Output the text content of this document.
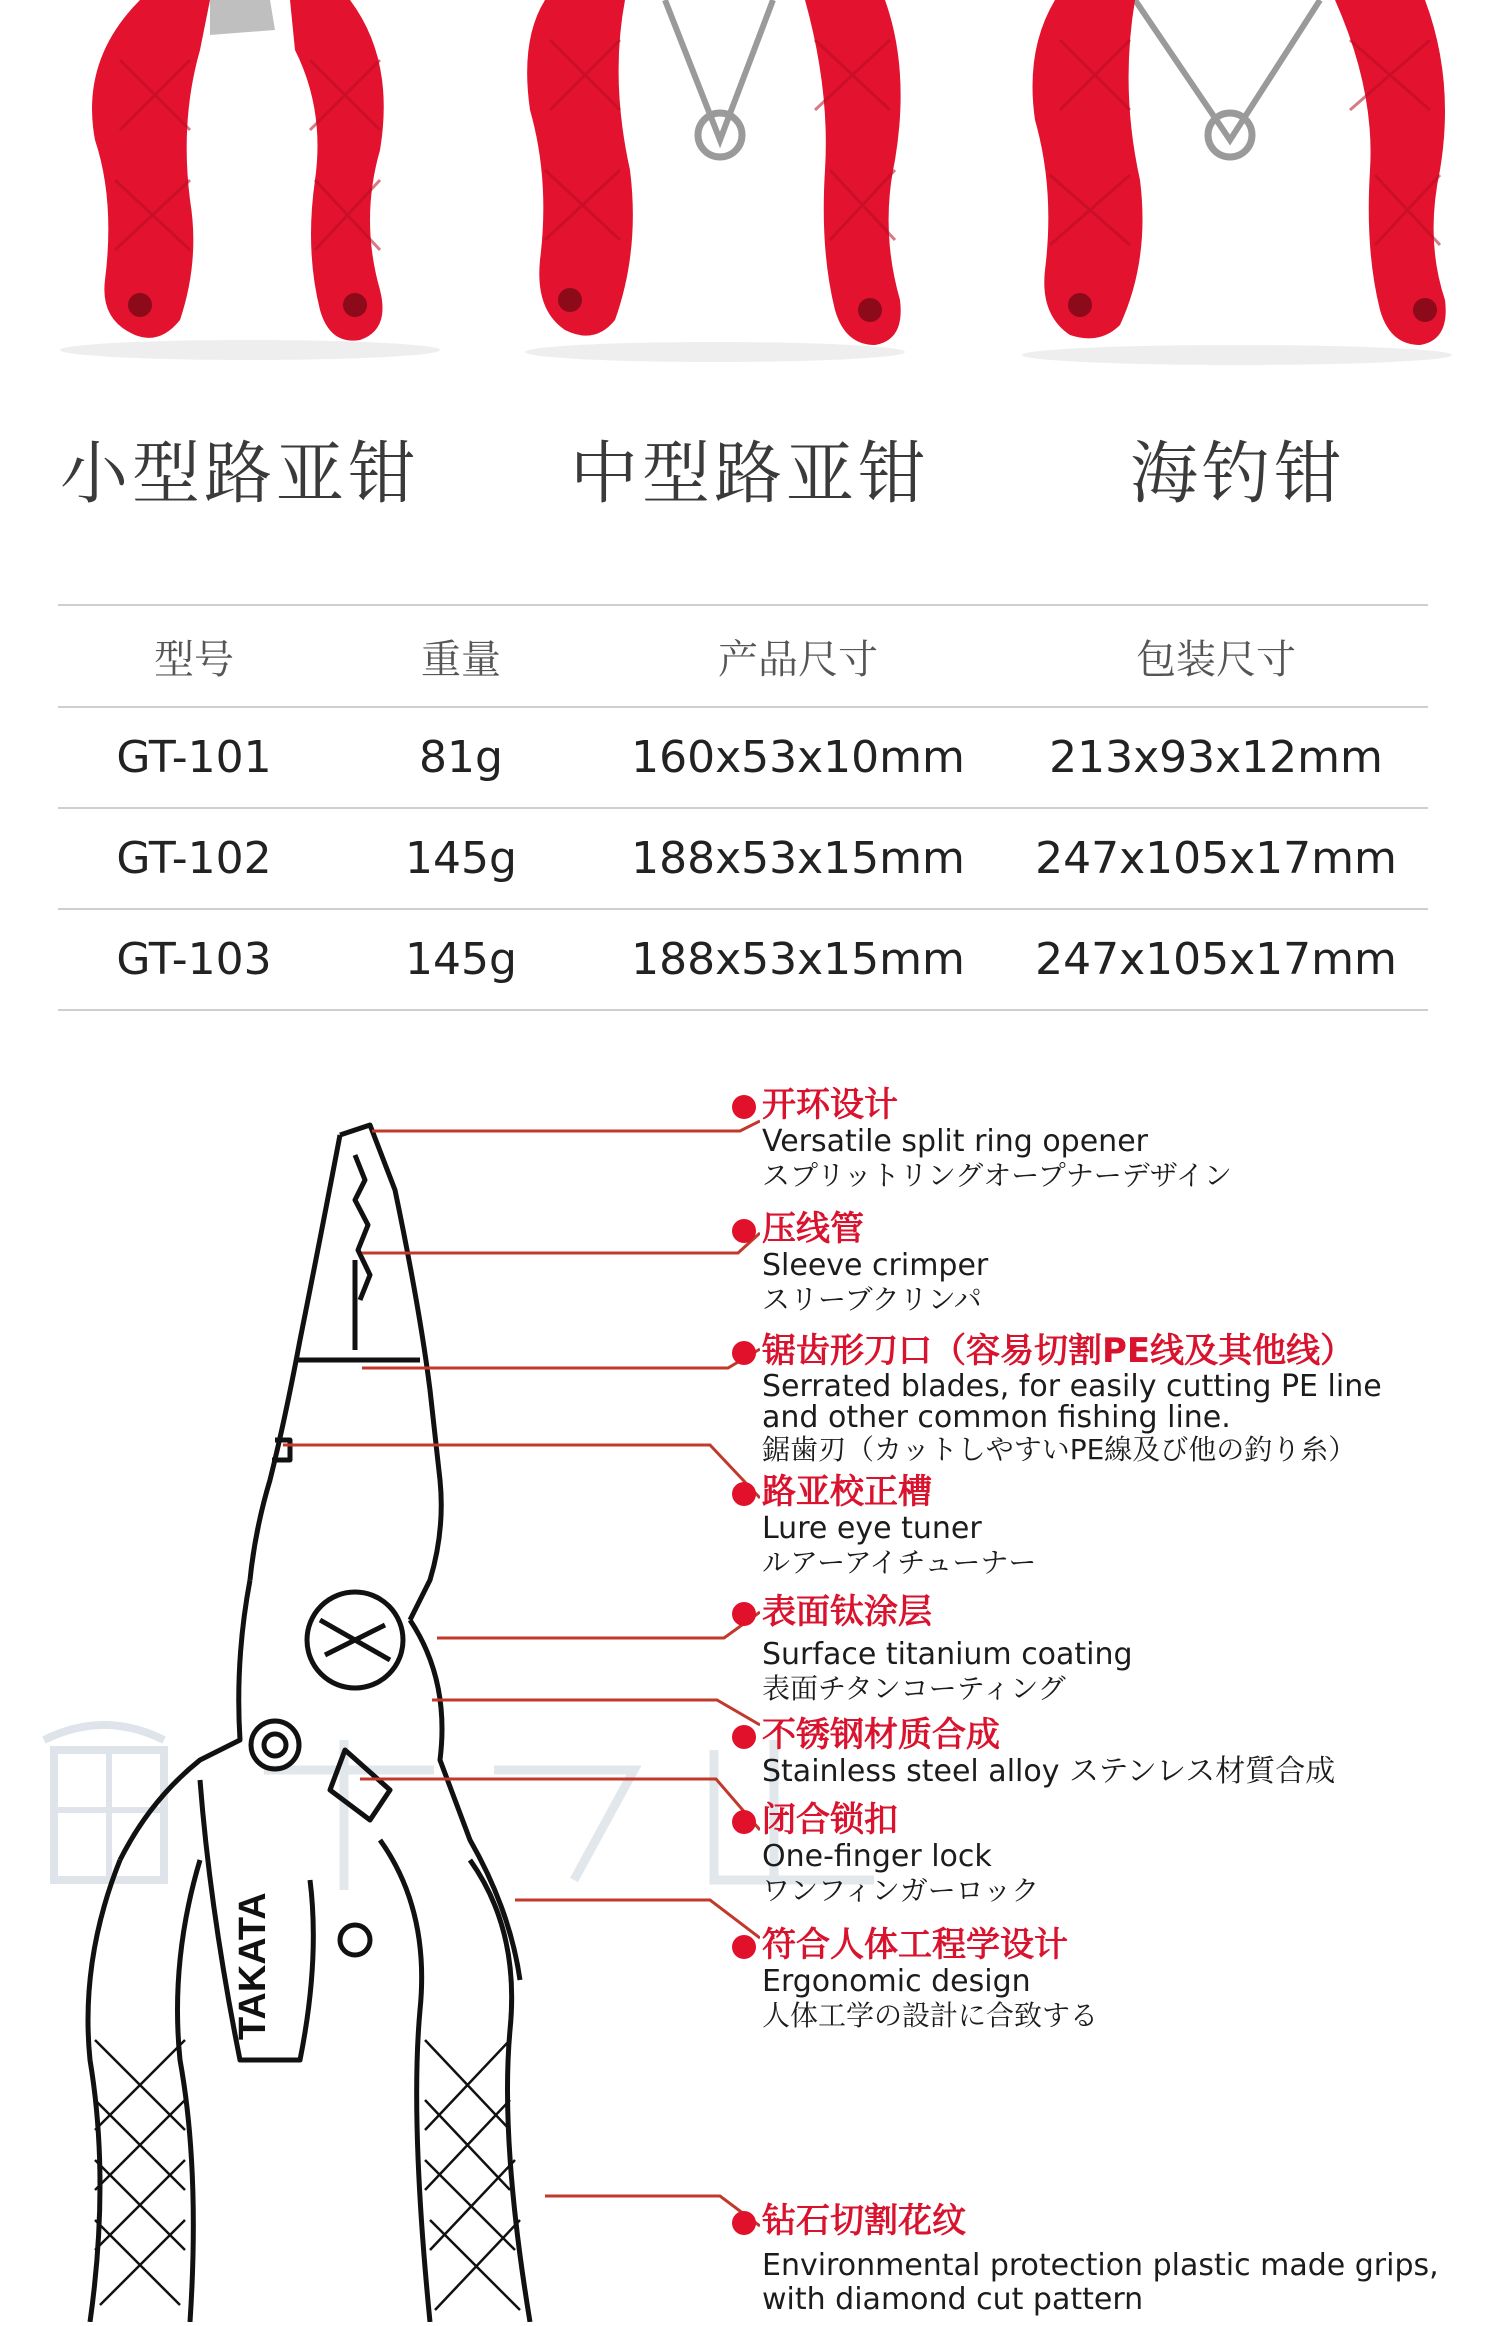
小型路亚钳 中型路亚钳	海钓钳
型号	重量	产品尺寸	包装尺寸
GT-101	81g	160x53x10mm	213x93x12mm
GT-102	145g	188x53x15mm	247x105x17mm
GT-103	145g	188x53x15mm	247x105x17mm
TAKATA
开环设计
Versatile split ring opener
スプリットリングオープナーデザイン
压线管
Sleeve crimper
スリーブクリンパ
锯齿形刀口（容易切割PE线及其他线）
Serrated blades, for easily cutting PE line
and other common fishing line.
鋸歯刃（カットしやすいPE線及び他の釣り糸）
路亚校正槽
Lure eye tuner
ルアーアイチューナー
表面钛涂层
Surface titanium coating
表面チタンコーティング
不锈钢材质合成
Stainless steel alloy ステンレス材質合成
闭合锁扣
One-finger lock
ワンフィンガーロック
符合人体工程学设计
Ergonomic design
人体工学の設計に合致する
钻石切割花纹
Environmental protection plastic made grips,
with diamond cut pattern
